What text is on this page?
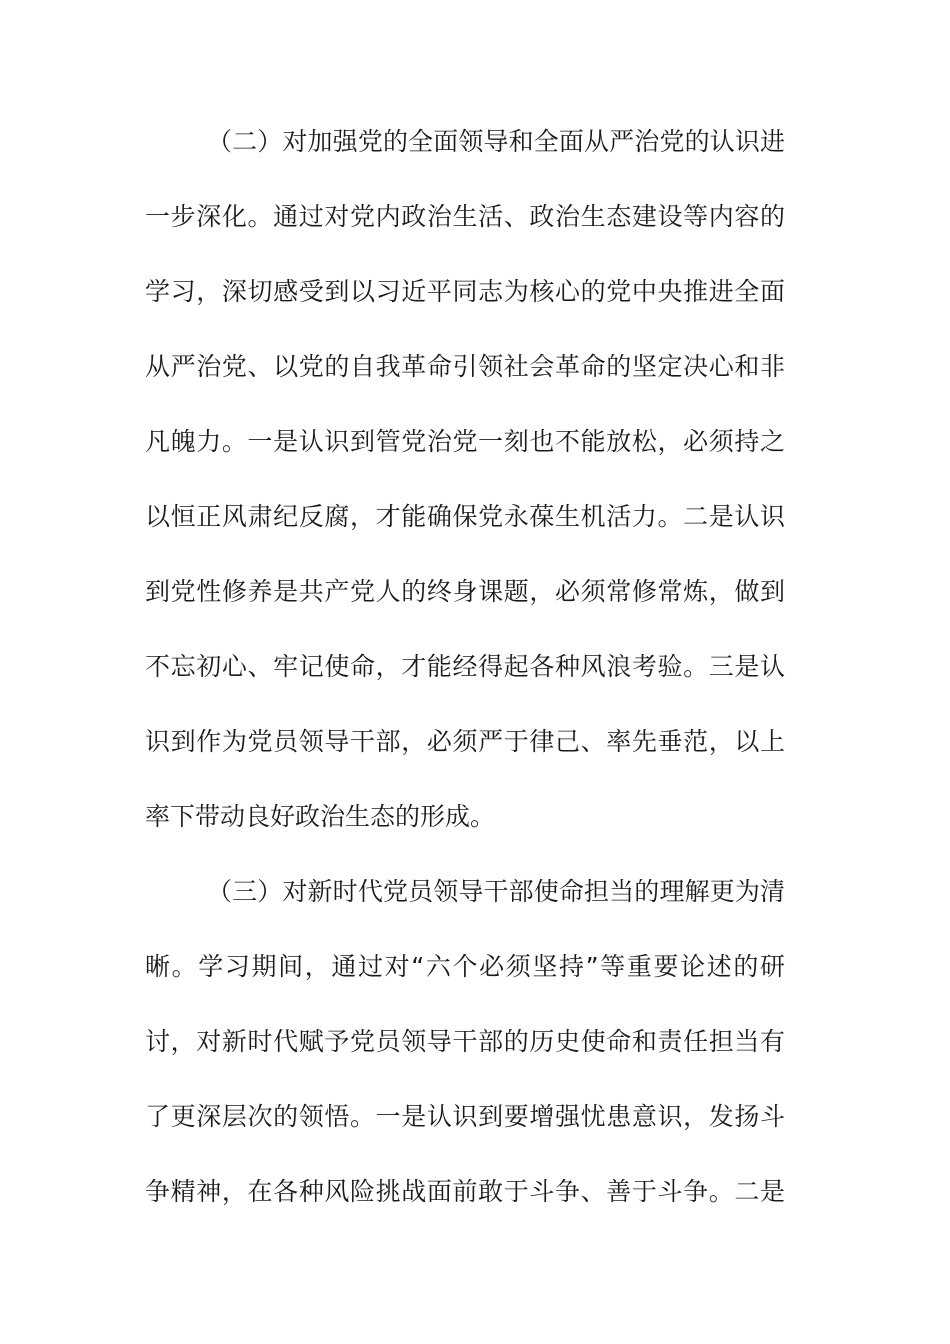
（二）对加强党的全面领导和全面从严治党的认识进
一步深化。通过对党内政治生活、政治生态建设等内容的
学习，深切感受到以习近平同志为核心的党中央推进全面
从严治党、以党的自我革命引领社会革命的坚定决心和非
凡魄力。一是认识到管党治党一刻也不能放松，必须持之
以恒正风肃纪反腐，才能确保党永葆生机活力。二是认识
到党性修养是共产党人的终身课题，必须常修常炼，做到
不忘初心、牢记使命，才能经得起各种风浪考验。三是认
识到作为党员领导干部，必须严于律己、率先垂范，以上
率下带动良好政治生态的形成。
（三）对新时代党员领导干部使命担当的理解更为清
晰。学习期间，通过对“六个必须坚持”等重要论述的研
讨，对新时代赋予党员领导干部的历史使命和责任担当有
了更深层次的领悟。一是认识到要增强忧患意识，发扬斗
争精神，在各种风险挑战面前敢于斗争、善于斗争。二是
